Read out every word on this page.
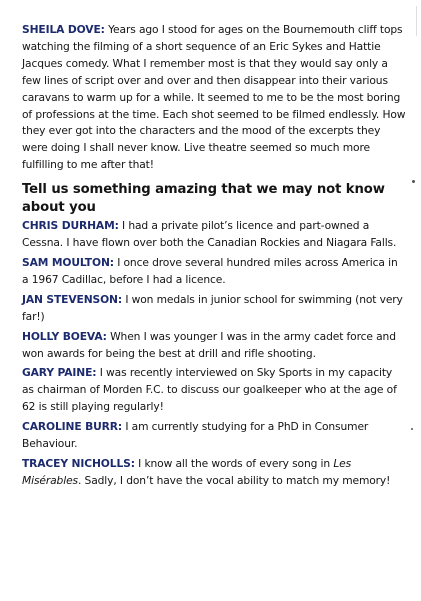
SHEILA DOVE: Years ago I stood for ages on the Bournemouth cliff tops watching the filming of a short sequence of an Eric Sykes and Hattie Jacques comedy. What I remember most is that they would say only a few lines of script over and over and then disappear into their various caravans to warm up for a while. It seemed to me to be the most boring of professions at the time. Each shot seemed to be filmed endlessly. How they ever got into the characters and the mood of the excerpts they were doing I shall never know. Live theatre seemed so much more fulfilling to me after that!

Tell us something amazing that we may not know about you

CHRIS DURHAM: I had a private pilot’s licence and part-owned a Cessna. I have flown over both the Canadian Rockies and Niagara Falls.

SAM MOULTON: I once drove several hundred miles across America in a 1967 Cadillac, before I had a licence.

JAN STEVENSON: I won medals in junior school for swimming (not very far!)

HOLLY BOEVA: When I was younger I was in the army cadet force and won awards for being the best at drill and rifle shooting.

GARY PAINE: I was recently interviewed on Sky Sports in my capacity as chairman of Morden F.C. to discuss our goalkeeper who at the age of 62 is still playing regularly!

CAROLINE BURR: I am currently studying for a PhD in Consumer Behaviour.

TRACEY NICHOLLS: I know all the words of every song in Les Misérables. Sadly, I don’t have the vocal ability to match my memory!
